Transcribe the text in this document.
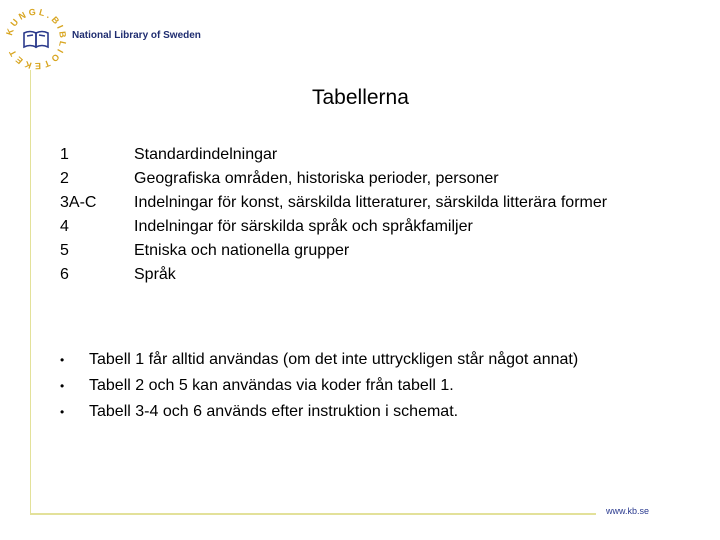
KUNGL.BIBLIOTEKET
National Library of Sweden
Tabellerna
1	Standardindelningar
2	Geografiska områden, historiska perioder, personer
3A-C	Indelningar för konst, särskilda litteraturer, särskilda litterära former
4	Indelningar för särskilda språk och språkfamiljer
5	Etniska och nationella grupper
6	Språk
•	Tabell 1 får alltid användas (om det inte uttryckligen står något annat)
•	Tabell 2 och 5 kan användas via koder från tabell 1.
•	Tabell 3-4 och 6 används efter instruktion i schemat.
www.kb.se
